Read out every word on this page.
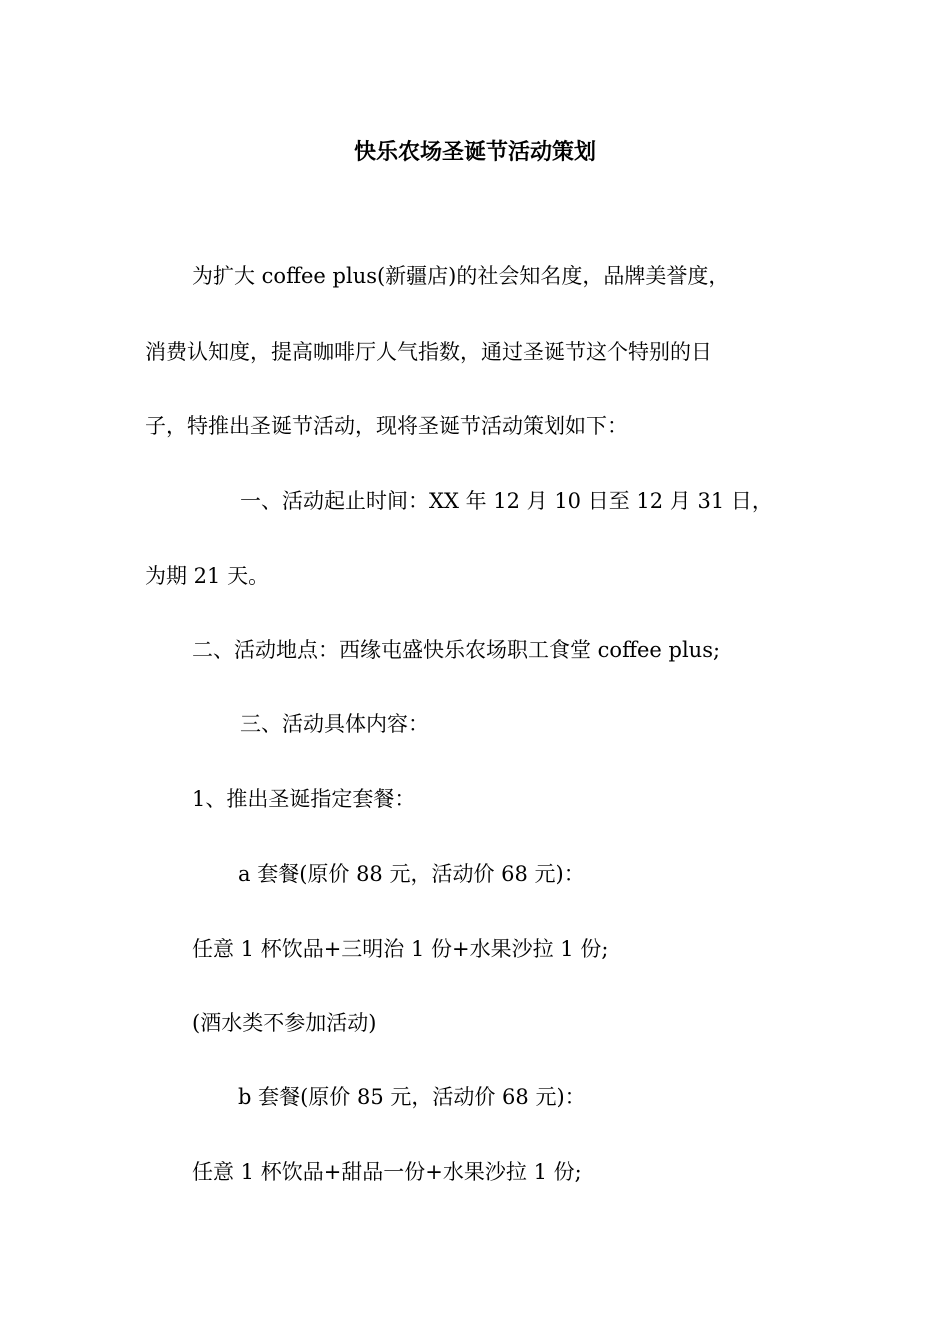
快乐农场圣诞节活动策划
为扩大 coffee plus(新疆店)的社会知名度，品牌美誉度，
消费认知度，提高咖啡厅人气指数，通过圣诞节这个特别的日
子，特推出圣诞节活动，现将圣诞节活动策划如下：
一、活动起止时间：XX 年 12 月 10 日至 12 月 31 日，
为期 21 天。
二、活动地点：西缘屯盛快乐农场职工食堂 coffee plus;
三、活动具体内容：
1、推出圣诞指定套餐：
a 套餐(原价 88 元，活动价 68 元)：
任意 1 杯饮品+三明治 1 份+水果沙拉 1 份;
(酒水类不参加活动)
b 套餐(原价 85 元，活动价 68 元)：
任意 1 杯饮品+甜品一份+水果沙拉 1 份;
